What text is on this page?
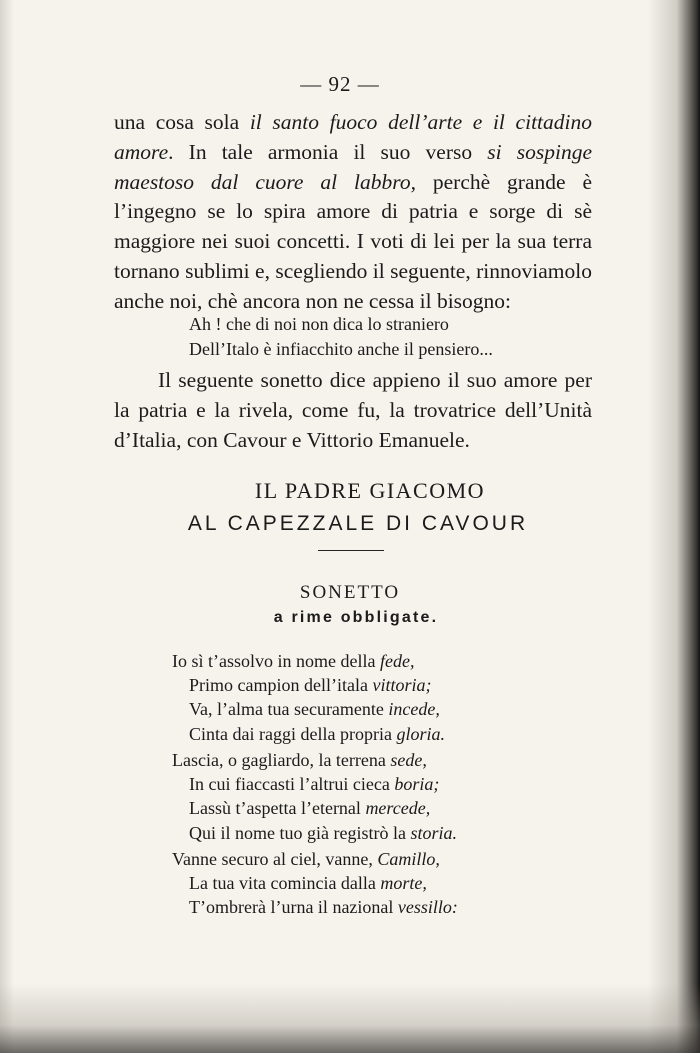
— 92 —

una cosa sola il santo fuoco dell’arte e il cittadino amore. In tale armonia il suo verso si sospinge maestoso dal cuore al labbro, perchè grande è l’ingegno se lo spira amore di patria e sorge di sè maggiore nei suoi concetti. I voti di lei per la sua terra tornano sublimi e, scegliendo il seguente, rinnoviamolo anche noi, chè ancora non ne cessa il bisogno:

Ah ! che di noi non dica lo straniero
Dell’Italo è infiacchito anche il pensiero...

Il seguente sonetto dice appieno il suo amore per la patria e la rivela, come fu, la trovatrice dell’Unità d’Italia, con Cavour e Vittorio Emanuele.

IL PADRE GIACOMO
AL CAPEZZALE DI CAVOUR
SONETTO
a rime obbligate.
Io sì t’assolvo in nome della fede,
Primo campion dell’itala vittoria;
Va, l’alma tua securamente incede,
Cinta dai raggi della propria gloria.
Lascia, o gagliardo, la terrena sede,
In cui fiaccasti l’altrui cieca boria;
Lassù t’aspetta l’eternal mercede,
Qui il nome tuo già registrò la storia.
Vanne securo al ciel, vanne, Camillo,
La tua vita comincia dalla morte,
T’ombrerà l’urna il nazional vessillo:
